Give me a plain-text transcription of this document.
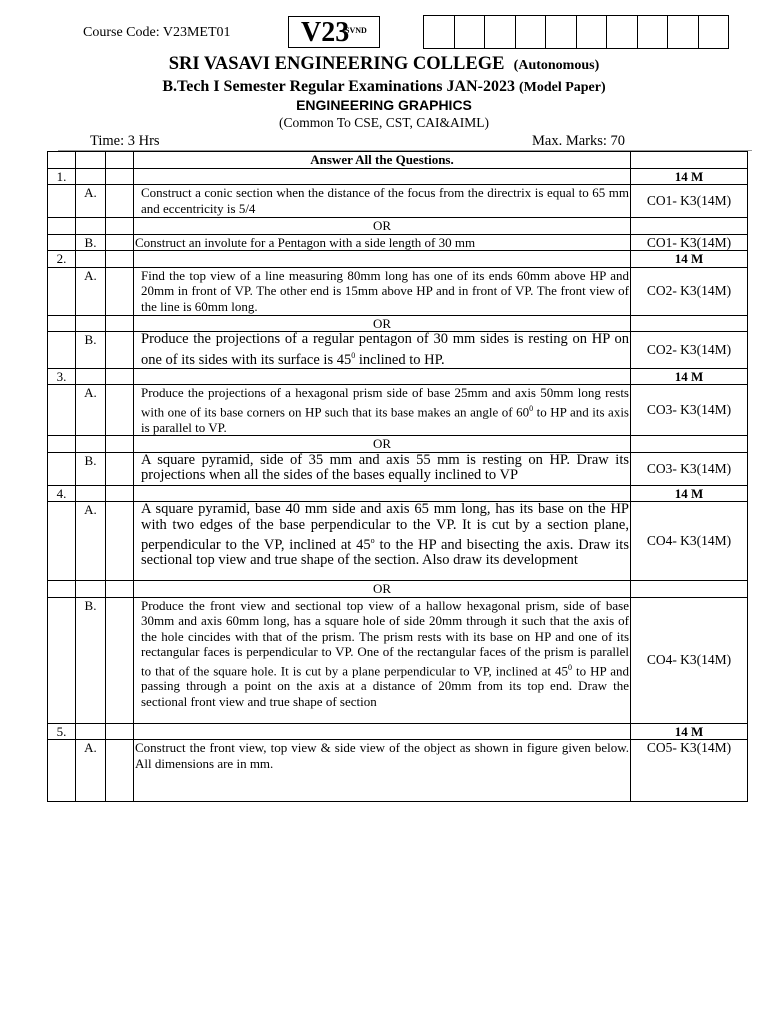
Course Code: V23MET01	V23
SVND
SRI VASAVI ENGINEERING COLLEGE (Autonomous)
B.Tech I Semester Regular Examinations JAN-2023 (Model Paper)
ENGINEERING GRAPHICS
(Common To CSE, CST, CAI&AIML)
Time: 3 Hrs	Max. Marks: 70
			Answer All the Questions.	
1.				14 M
	A.		Construct a conic section when the distance of the focus from the directrix is equal to 65 mm and eccentricity is 5/4	CO1- K3(14M)
			OR	
	B.		Construct an involute for a Pentagon with a side length of 30 mm	CO1- K3(14M)
2.				14 M
	A.		Find the top view of a line measuring 80mm long has one of its ends 60mm above HP and 20mm in front of VP. The other end is 15mm above HP and in front of VP. The front view of the line is 60mm long.	CO2- K3(14M)
			OR	
	B.		Produce the projections of a regular pentagon of 30 mm sides is resting on HP on one of its sides with its surface is $45^0$ inclined to HP.	CO2- K3(14M)
3.				14 M
	A.		Produce the projections of a hexagonal prism side of base 25mm and axis 50mm long rests with one of its base corners on HP such that its base makes an angle of $60^0$ to HP and its axis is parallel to VP.	CO3- K3(14M)
			OR	
	B.		A square pyramid, side of 35 mm and axis 55 mm is resting on HP. Draw its projections when all the sides of the bases equally inclined to VP	CO3- K3(14M)
4.				14 M
	A.		A square pyramid, base 40 mm side and axis 65 mm long, has its base on the HP with two edges of the base perpendicular to the VP. It is cut by a section plane, perpendicular to the VP, inclined at 45$^o$ to the HP and bisecting the axis. Draw its sectional top view and true shape of the section. Also draw its development	CO4- K3(14M)
			OR	
	B.		Produce the front view and sectional top view of a hallow hexagonal prism, side of base 30mm and axis 60mm long, has a square hole of side 20mm through it such that the axis of the hole cincides with that of the prism. The prism rests with its base on HP and one of its rectangular faces is perpendicular to VP. One of the rectangular faces of the prism is parallel to that of the square hole. It is cut by a plane perpendicular to VP, inclined at $45^0$ to HP and passing through a point on the axis at a distance of 20mm from its top end. Draw the sectional front view and true shape of section	CO4- K3(14M)
5.				14 M
	A.		Construct the front view, top view & side view of the object as shown in figure given below. All dimensions are in mm.	CO5- K3(14M)
